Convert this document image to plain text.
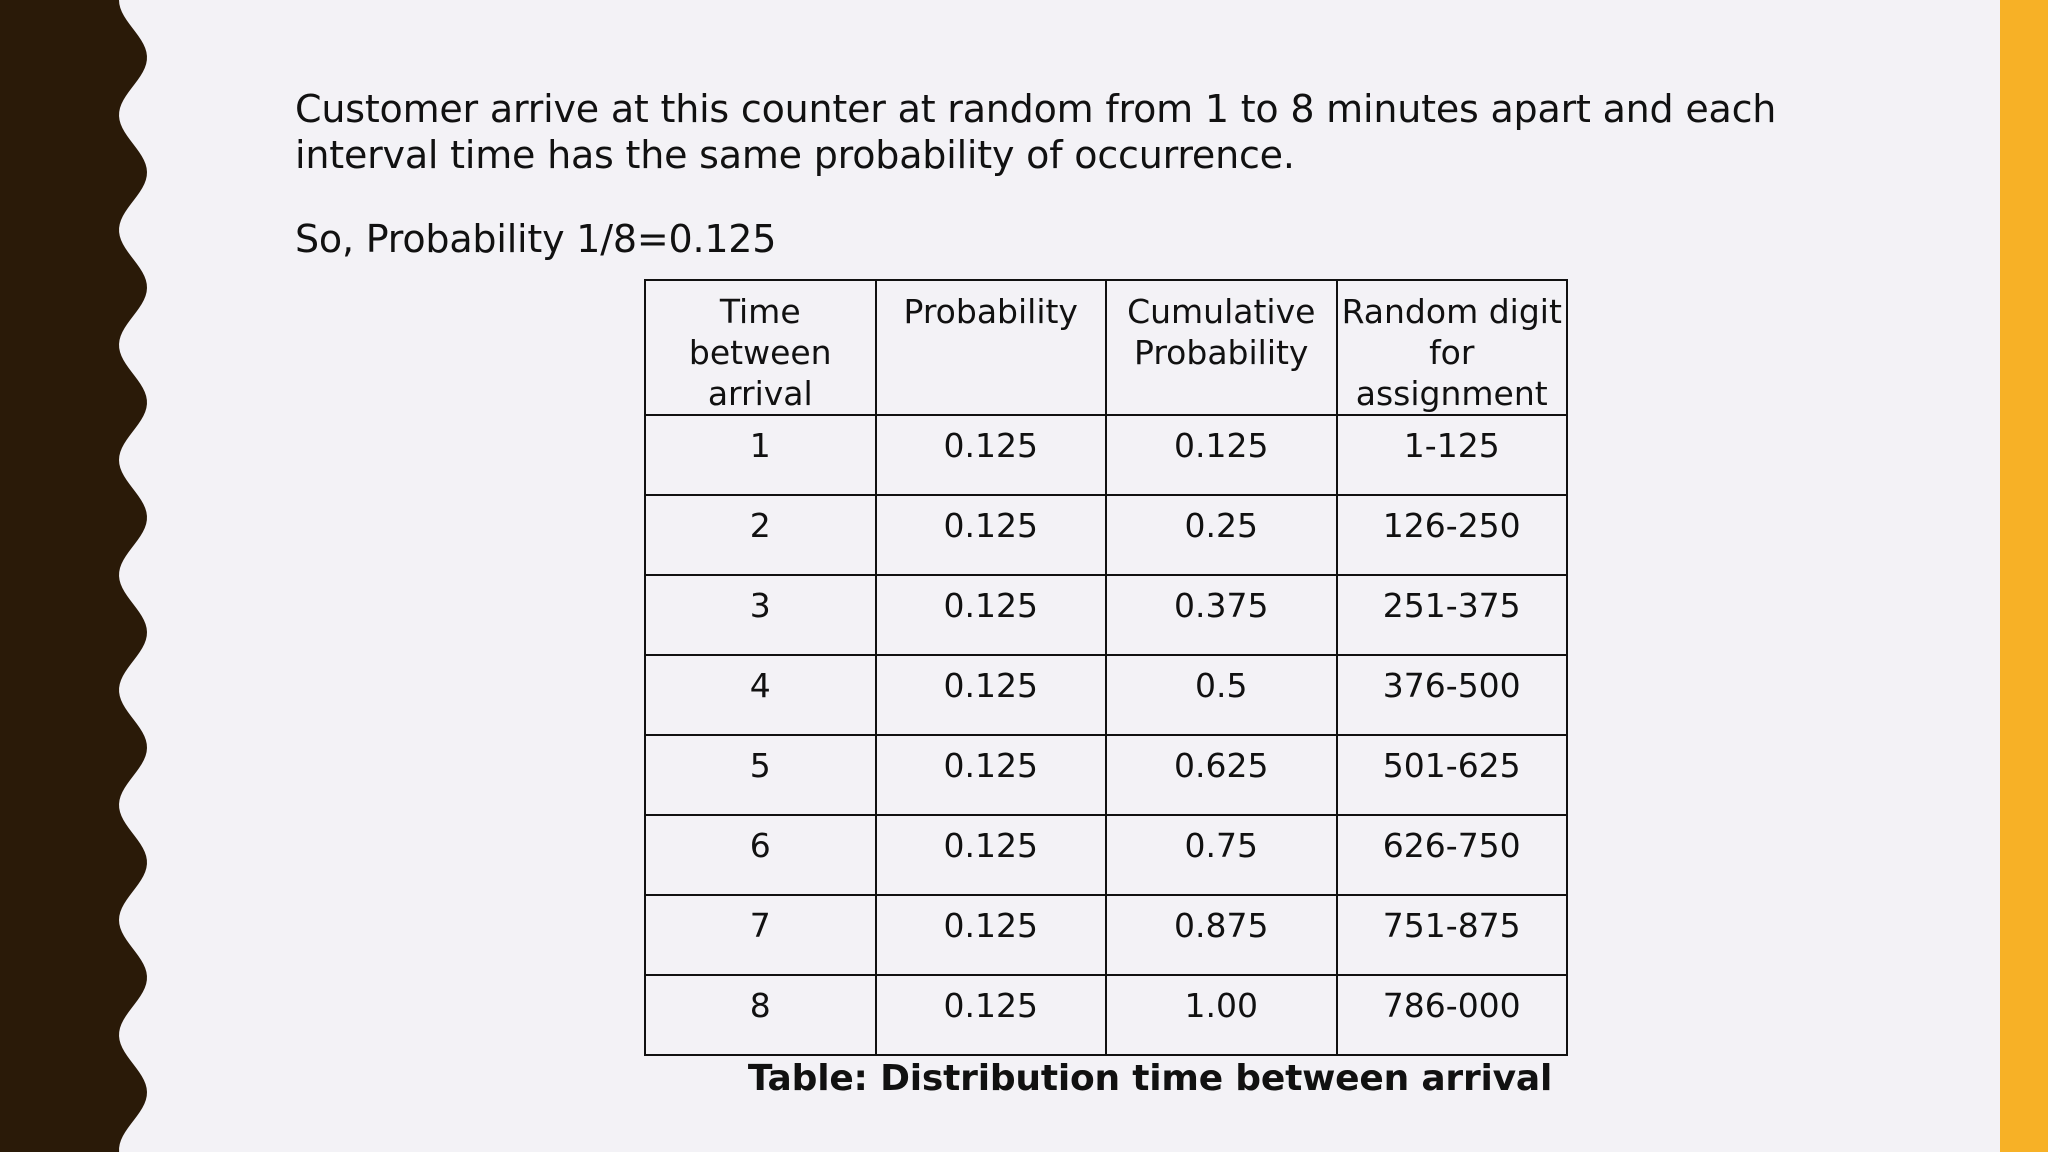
Customer arrive at this counter at random from 1 to 8 minutes apart and each interval time has the same probability of occurrence.

So, Probability 1/8=0.125

Time between arrival	Probability	Cumulative Probability	Random digit for assignment
1	0.125	0.125	1-125
2	0.125	0.25	126-250
3	0.125	0.375	251-375
4	0.125	0.5	376-500
5	0.125	0.625	501-625
6	0.125	0.75	626-750
7	0.125	0.875	751-875
8	0.125	1.00	786-000

Table: Distribution time between arrival
